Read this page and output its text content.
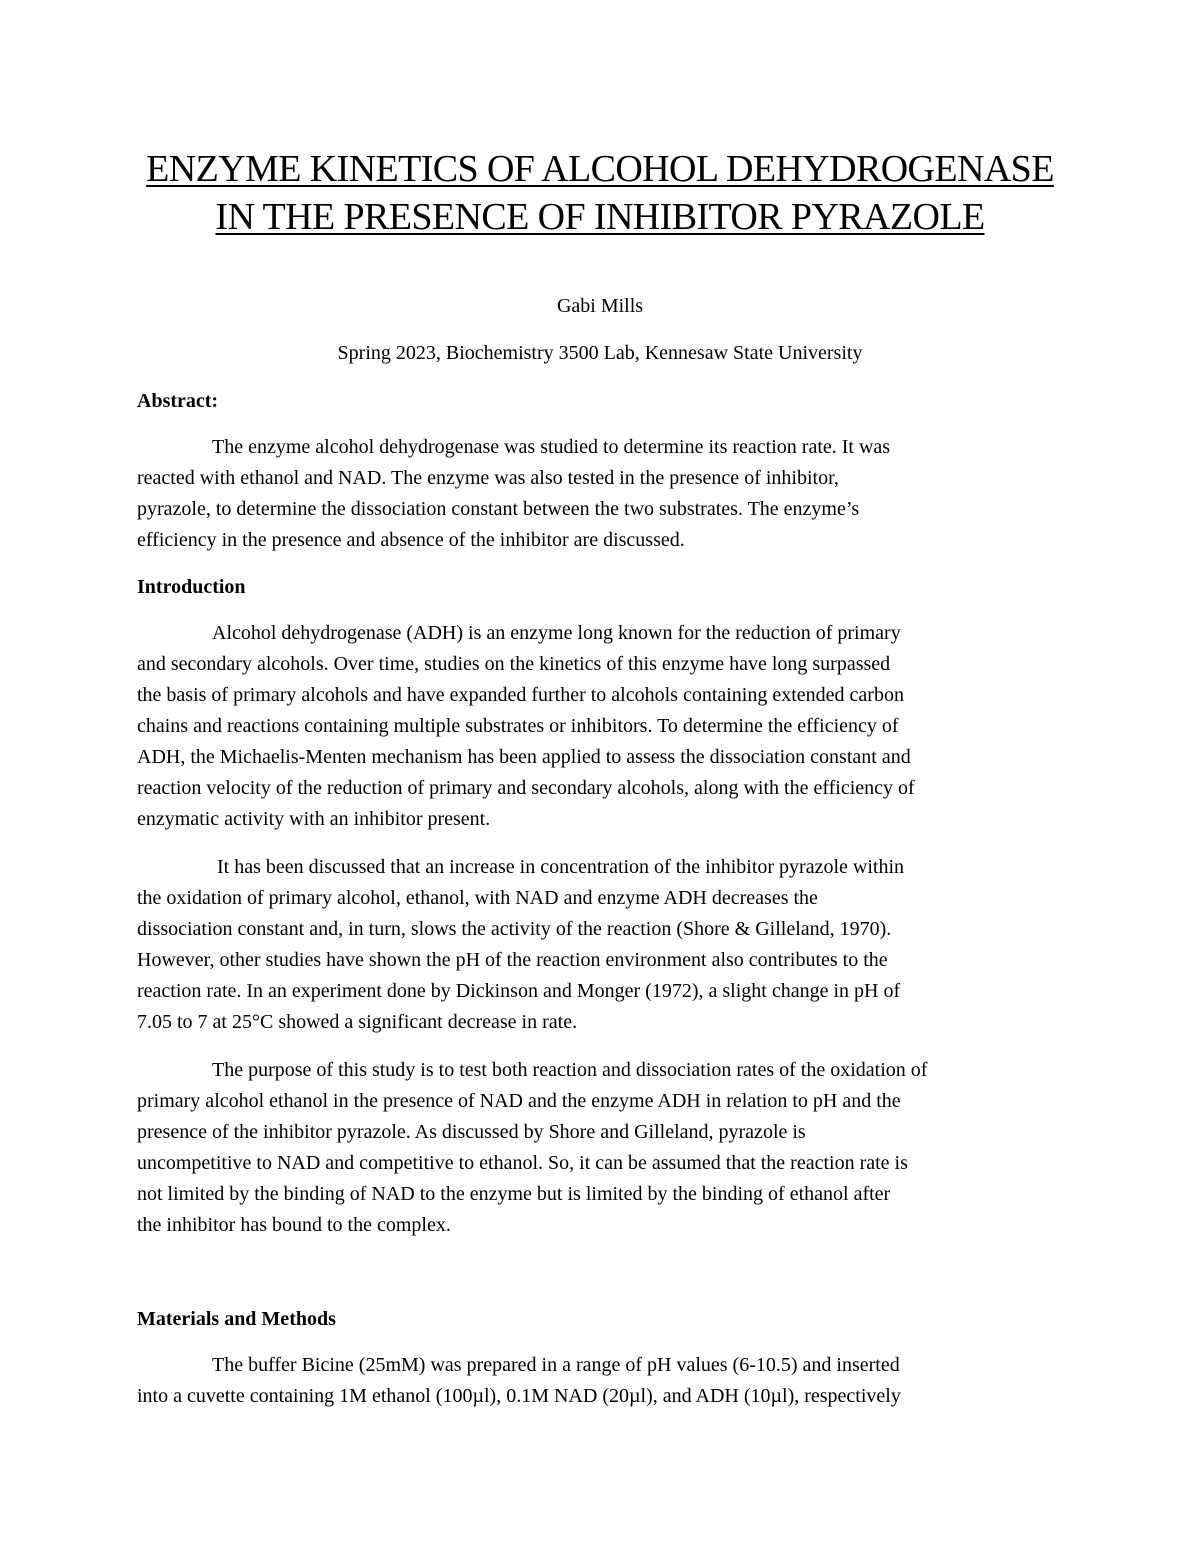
ENZYME KINETICS OF ALCOHOL DEHYDROGENASE
IN THE PRESENCE OF INHIBITOR PYRAZOLE
Gabi Mills
Spring 2023, Biochemistry 3500 Lab, Kennesaw State University
Abstract:
The enzyme alcohol dehydrogenase was studied to determine its reaction rate. It was
reacted with ethanol and NAD. The enzyme was also tested in the presence of inhibitor,
pyrazole, to determine the dissociation constant between the two substrates. The enzyme’s
efficiency in the presence and absence of the inhibitor are discussed.
Introduction
Alcohol dehydrogenase (ADH) is an enzyme long known for the reduction of primary
and secondary alcohols. Over time, studies on the kinetics of this enzyme have long surpassed
the basis of primary alcohols and have expanded further to alcohols containing extended carbon
chains and reactions containing multiple substrates or inhibitors. To determine the efficiency of
ADH, the Michaelis-Menten mechanism has been applied to assess the dissociation constant and
reaction velocity of the reduction of primary and secondary alcohols, along with the efficiency of
enzymatic activity with an inhibitor present.
It has been discussed that an increase in concentration of the inhibitor pyrazole within
the oxidation of primary alcohol, ethanol, with NAD and enzyme ADH decreases the
dissociation constant and, in turn, slows the activity of the reaction (Shore & Gilleland, 1970).
However, other studies have shown the pH of the reaction environment also contributes to the
reaction rate. In an experiment done by Dickinson and Monger (1972), a slight change in pH of
7.05 to 7 at 25°C showed a significant decrease in rate.
The purpose of this study is to test both reaction and dissociation rates of the oxidation of
primary alcohol ethanol in the presence of NAD and the enzyme ADH in relation to pH and the
presence of the inhibitor pyrazole. As discussed by Shore and Gilleland, pyrazole is
uncompetitive to NAD and competitive to ethanol. So, it can be assumed that the reaction rate is
not limited by the binding of NAD to the enzyme but is limited by the binding of ethanol after
the inhibitor has bound to the complex.
Materials and Methods
The buffer Bicine (25mM) was prepared in a range of pH values (6-10.5) and inserted
into a cuvette containing 1M ethanol (100µl), 0.1M NAD (20µl), and ADH (10µl), respectively
